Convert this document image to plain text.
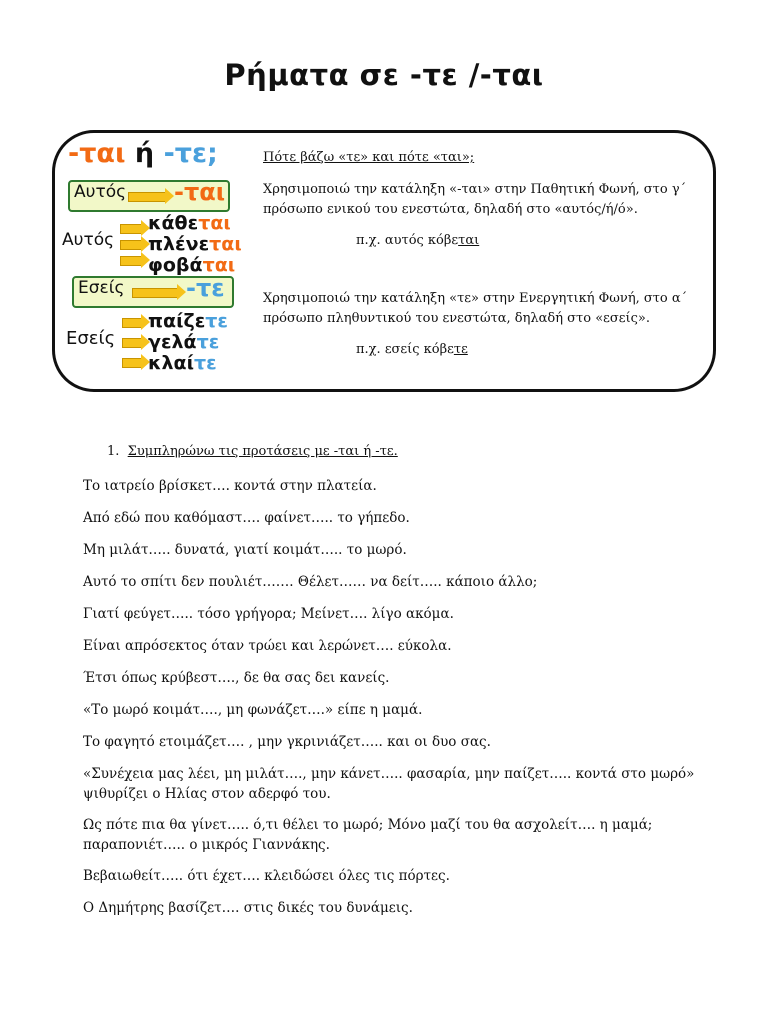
Ρήματα σε -τε /-ται
-ται ή -τε;
Αυτός -ται
Αυτός
κάθεται
πλένεται
φοβάται
Εσείς	-τε
Εσείς
παίζετε
γελάτε
κλαίτε
Πότε βάζω «τε» και πότε «ται»;
Χρησιμοποιώ την κατάληξη «-ται» στην Παθητική Φωνή, στο γ΄ πρόσωπο ενικού του ενεστώτα, δηλαδή στο «αυτός/ή/ό».
π.χ. αυτός κόβεται
Χρησιμοποιώ την κατάληξη «τε» στην Ενεργητική Φωνή, στο α΄ πρόσωπο πληθυντικού του ενεστώτα, δηλαδή στο «εσείς».
π.χ. εσείς κόβετε
1. Συμπληρώνω τις προτάσεις με -ται ή -τε.
Το ιατρείο βρίσκετ…. κοντά στην πλατεία.
Από εδώ που καθόμαστ…. φαίνετ….. το γήπεδο.
Μη μιλάτ….. δυνατά, γιατί κοιμάτ….. το μωρό.
Αυτό το σπίτι δεν πουλιέτ……. Θέλετ…… να δείτ….. κάποιο άλλο;
Γιατί φεύγετ….. τόσο γρήγορα; Μείνετ…. λίγο ακόμα.
Είναι απρόσεκτος όταν τρώει και λερώνετ…. εύκολα.
Έτσι όπως κρύβεστ…., δε θα σας δει κανείς.
«Το μωρό κοιμάτ…., μη φωνάζετ….» είπε η μαμά.
Το φαγητό ετοιμάζετ…. , μην γκρινιάζετ….. και οι δυο σας.
«Συνέχεια μας λέει, μη μιλάτ…., μην κάνετ….. φασαρία, μην παίζετ….. κοντά στο μωρό» ψιθυρίζει ο Ηλίας στον αδερφό του.
Ως πότε πια θα γίνετ….. ό,τι θέλει το μωρό; Μόνο μαζί του θα ασχολείτ…. η μαμά; παραπονιέτ….. ο μικρός Γιαννάκης.
Βεβαιωθείτ….. ότι έχετ…. κλειδώσει όλες τις πόρτες.
Ο Δημήτρης βασίζετ…. στις δικές του δυνάμεις.
